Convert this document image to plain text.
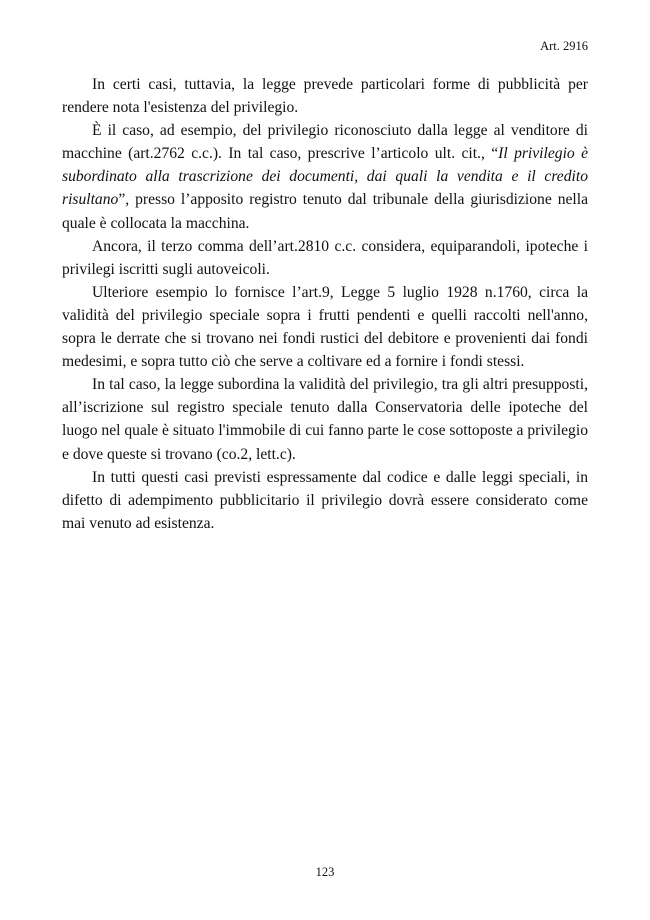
Art. 2916

In certi casi, tuttavia, la legge prevede particolari forme di pubblicità per rendere nota l'esistenza del privilegio.

È il caso, ad esempio, del privilegio riconosciuto dalla legge al venditore di macchine (art.2762 c.c.). In tal caso, prescrive l’articolo ult. cit., “Il privilegio è subordinato alla trascrizione dei documenti, dai quali la vendita e il credito risultano”, presso l’apposito registro tenuto dal tribunale della giurisdizione nella quale è collocata la macchina.

Ancora, il terzo comma dell’art.2810 c.c. considera, equiparandoli, ipoteche i privilegi iscritti sugli autoveicoli.

Ulteriore esempio lo fornisce l’art.9, Legge 5 luglio 1928 n.1760, circa la validità del privilegio speciale sopra i frutti pendenti e quelli raccolti nell'anno, sopra le derrate che si trovano nei fondi rustici del debitore e provenienti dai fondi medesimi, e sopra tutto ciò che serve a coltivare ed a fornire i fondi stessi.

In tal caso, la legge subordina la validità del privilegio, tra gli altri presupposti, all’iscrizione sul registro speciale tenuto dalla Conservatoria delle ipoteche del luogo nel quale è situato l'immobile di cui fanno parte le cose sottoposte a privilegio e dove queste si trovano (co.2, lett.c).

In tutti questi casi previsti espressamente dal codice e dalle leggi speciali, in difetto di adempimento pubblicitario il privilegio dovrà essere considerato come mai venuto ad esistenza.

123
